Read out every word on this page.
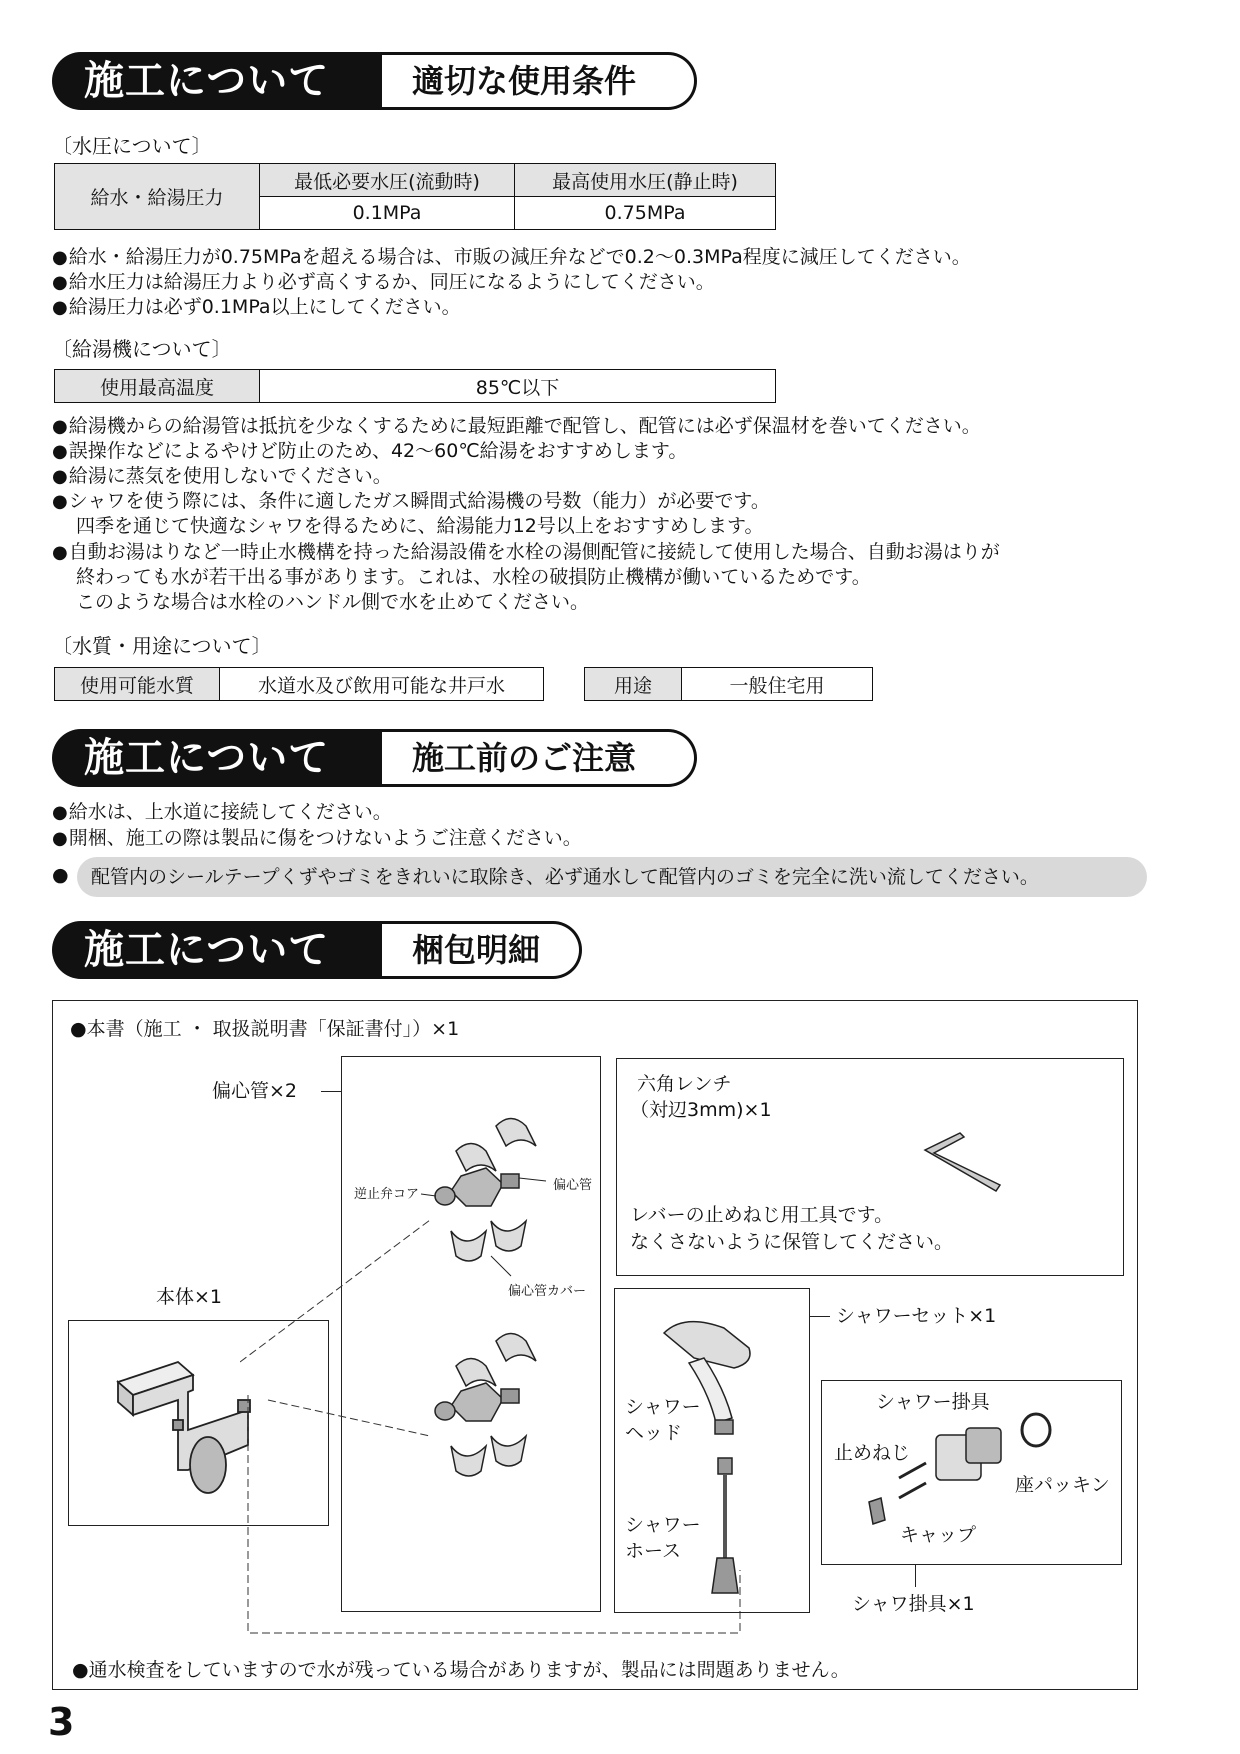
施工について	適切な使用条件
〔水圧について〕
給水・給湯圧力	最低必要水圧(流動時)	最高使用水圧(静止時)
	0.1MPa	0.75MPa
●給水・給湯圧力が0.75MPaを超える場合は、市販の減圧弁などで0.2～0.3MPa程度に減圧してください。
●給水圧力は給湯圧力より必ず高くするか、同圧になるようにしてください。
●給湯圧力は必ず0.1MPa以上にしてください。
〔給湯機について〕
使用最高温度	85℃以下
●給湯機からの給湯管は抵抗を少なくするために最短距離で配管し、配管には必ず保温材を巻いてください。
●誤操作などによるやけど防止のため、42～60℃給湯をおすすめします。
●給湯に蒸気を使用しないでください。
●シャワを使う際には、条件に適したガス瞬間式給湯機の号数（能力）が必要です。
四季を通じて快適なシャワを得るために、給湯能力12号以上をおすすめします。
●自動お湯はりなど一時止水機構を持った給湯設備を水栓の湯側配管に接続して使用した場合、自動お湯はりが
終わっても水が若干出る事があります。これは、水栓の破損防止機構が働いているためです。
このような場合は水栓のハンドル側で水を止めてください。
〔水質・用途について〕
使用可能水質	水道水及び飲用可能な井戸水	用途	一般住宅用
施工について	施工前のご注意
●給水は、上水道に接続してください。
●開梱、施工の際は製品に傷をつけないようご注意ください。
●	配管内のシールテープくずやゴミをきれいに取除き、必ず通水して配管内のゴミを完全に洗い流してください。
施工について	梱包明細
●本書（施工 ・ 取扱説明書「保証書付」）×1
偏心管×2
逆止弁コア
偏心管
偏心管カバー
本体×1
六角レンチ
（対辺3mm)×1
レバーの止めねじ用工具です。
なくさないように保管してください。
シャワーセット×1
シャワー
ヘッド
シャワー
ホース
シャワー掛具
止めねじ
座パッキン
キャップ
シャワ掛具×1
●通水検査をしていますので水が残っている場合がありますが、製品には問題ありません。
3
